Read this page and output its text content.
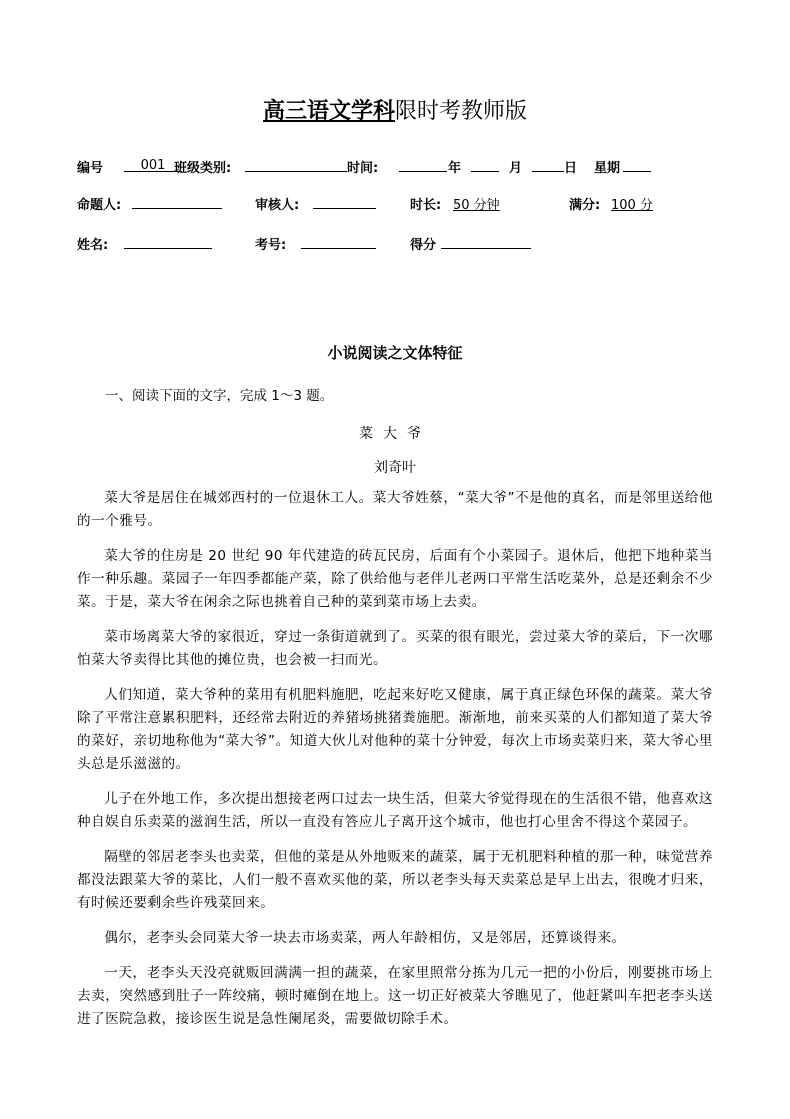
高三语文学科限时考教师版
编号	001 班级类别:	时间:	年	月	日 星期
命题人:	审核人:	时长: 50 分钟	满分: 100 分
姓名:	考号:	得分
小说阅读之文体特征
一、阅读下面的文字，完成 1～3 题。
菜大爷
刘奇叶

菜大爷是居住在城郊西村的一位退休工人。菜大爷姓蔡，“菜大爷”不是他的真名，而是邻里送给他的一个雅号。

菜大爷的住房是 20 世纪 90 年代建造的砖瓦民房，后面有个小菜园子。退休后，他把下地种菜当作一种乐趣。菜园子一年四季都能产菜，除了供给他与老伴儿老两口平常生活吃菜外，总是还剩余不少菜。于是，菜大爷在闲余之际也挑着自己种的菜到菜市场上去卖。

菜市场离菜大爷的家很近，穿过一条街道就到了。买菜的很有眼光，尝过菜大爷的菜后，下一次哪怕菜大爷卖得比其他的摊位贵，也会被一扫而光。

人们知道，菜大爷种的菜用有机肥料施肥，吃起来好吃又健康，属于真正绿色环保的蔬菜。菜大爷除了平常注意累积肥料，还经常去附近的养猪场挑猪粪施肥。渐渐地，前来买菜的人们都知道了菜大爷的菜好，亲切地称他为“菜大爷”。知道大伙儿对他种的菜十分钟爱，每次上市场卖菜归来，菜大爷心里头总是乐滋滋的。

儿子在外地工作，多次提出想接老两口过去一块生活，但菜大爷觉得现在的生活很不错，他喜欢这种自娱自乐卖菜的滋润生活，所以一直没有答应儿子离开这个城市，他也打心里舍不得这个菜园子。

隔壁的邻居老李头也卖菜，但他的菜是从外地贩来的蔬菜，属于无机肥料种植的那一种，味觉营养都没法跟菜大爷的菜比，人们一般不喜欢买他的菜，所以老李头每天卖菜总是早上出去，很晚才归来，有时候还要剩余些许残菜回来。

偶尔，老李头会同菜大爷一块去市场卖菜，两人年龄相仿，又是邻居，还算谈得来。

一天，老李头天没亮就贩回满满一担的蔬菜，在家里照常分拣为几元一把的小份后，刚要挑市场上去卖，突然感到肚子一阵绞痛，顿时瘫倒在地上。这一切正好被菜大爷瞧见了，他赶紧叫车把老李头送进了医院急救，接诊医生说是急性阑尾炎，需要做切除手术。
